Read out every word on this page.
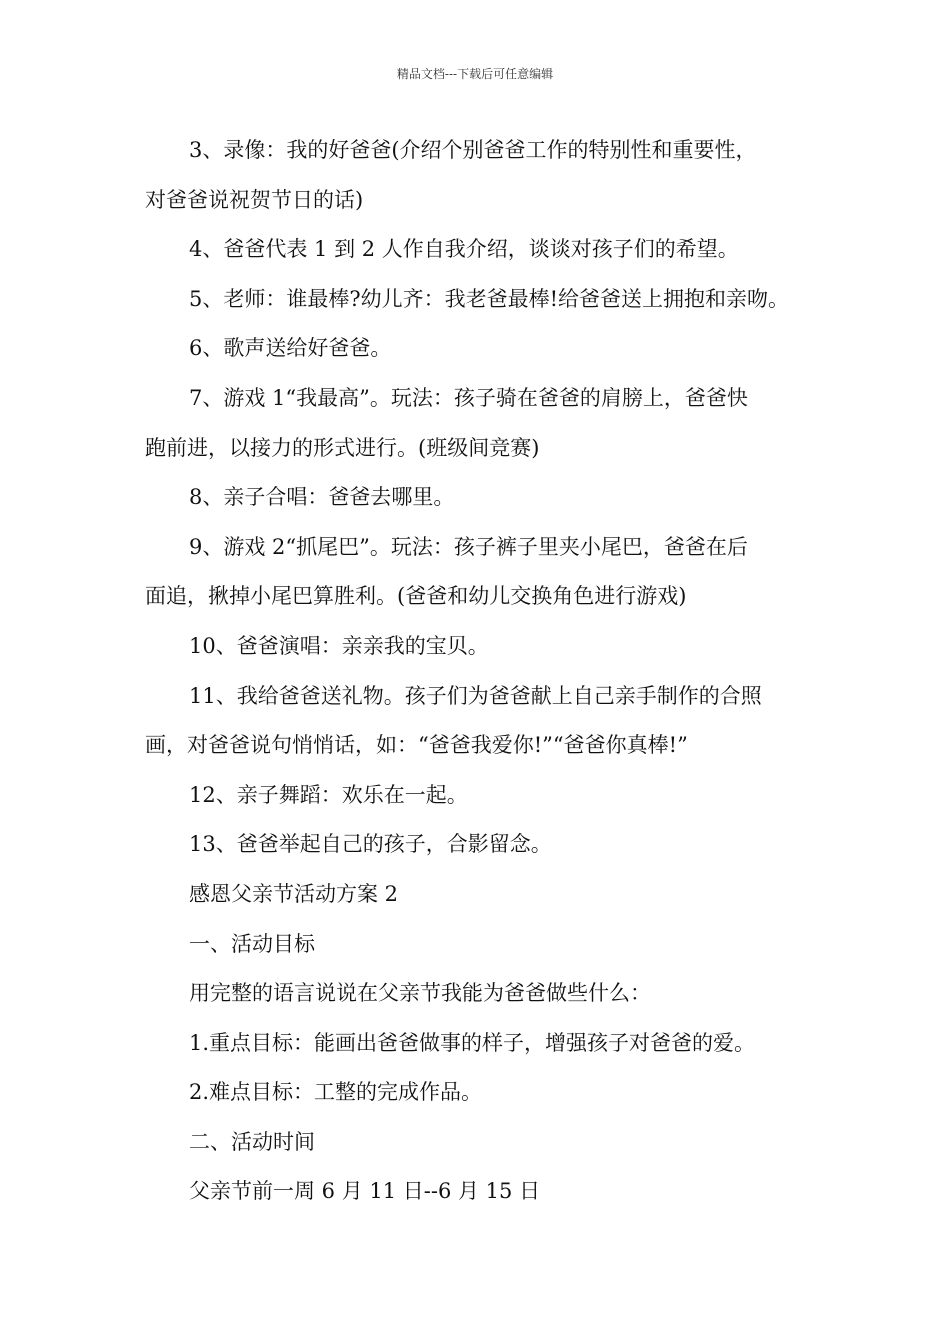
精品文档---下载后可任意编辑
3、录像：我的好爸爸(介绍个别爸爸工作的特别性和重要性，
对爸爸说祝贺节日的话)
4、爸爸代表 1 到 2 人作自我介绍，谈谈对孩子们的希望。
5、老师：谁最棒?幼儿齐：我老爸最棒!给爸爸送上拥抱和亲吻。
6、歌声送给好爸爸。
7、游戏 1“我最高”。玩法：孩子骑在爸爸的肩膀上，爸爸快
跑前进，以接力的形式进行。(班级间竞赛)
8、亲子合唱：爸爸去哪里。
9、游戏 2“抓尾巴”。玩法：孩子裤子里夹小尾巴，爸爸在后
面追，揪掉小尾巴算胜利。(爸爸和幼儿交换角色进行游戏)
10、爸爸演唱：亲亲我的宝贝。
11、我给爸爸送礼物。孩子们为爸爸献上自己亲手制作的合照
画，对爸爸说句悄悄话，如：“爸爸我爱你!”“爸爸你真棒!”
12、亲子舞蹈：欢乐在一起。
13、爸爸举起自己的孩子，合影留念。
感恩父亲节活动方案 2
一、活动目标
用完整的语言说说在父亲节我能为爸爸做些什么：
1.重点目标：能画出爸爸做事的样子，增强孩子对爸爸的爱。
2.难点目标：工整的完成作品。
二、活动时间
父亲节前一周 6 月 11 日--6 月 15 日
